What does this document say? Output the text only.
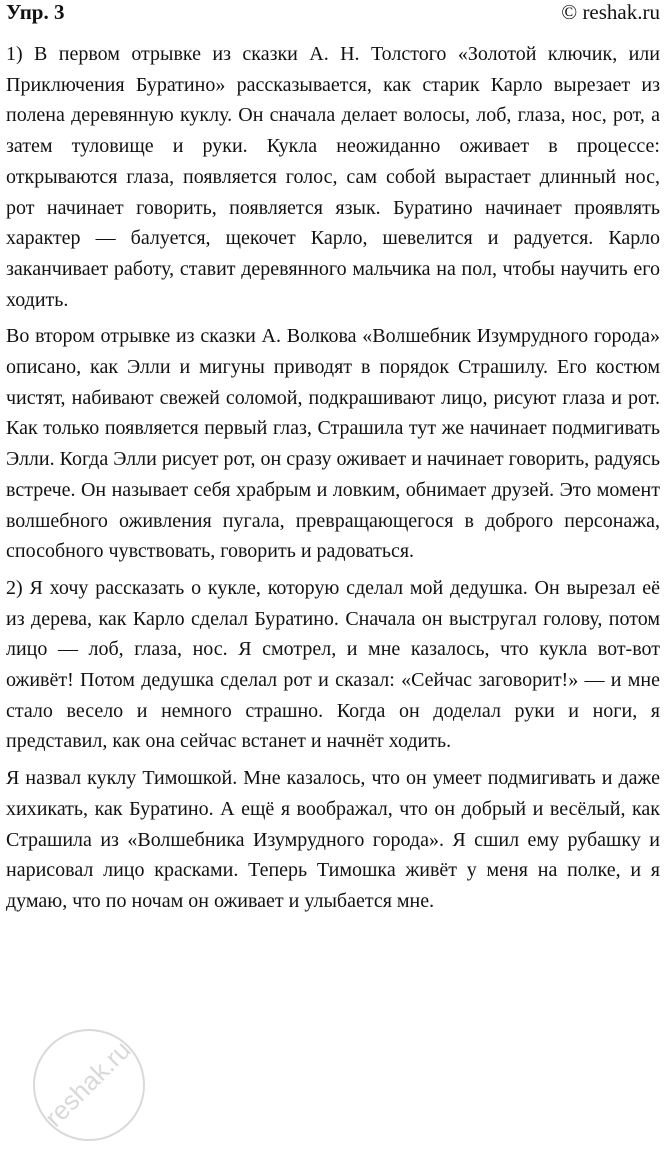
Упр. 3	© reshak.ru

1) В первом отрывке из сказки А. Н. Толстого «Золотой ключик, или Приключения Буратино» рассказывается, как старик Карло вырезает из полена деревянную куклу. Он сначала делает волосы, лоб, глаза, нос, рот, а затем туловище и руки. Кукла неожиданно оживает в процессе: открываются глаза, появляется голос, сам собой вырастает длинный нос, рот начинает говорить, появляется язык. Буратино начинает проявлять характер — балуется, щекочет Карло, шевелится и радуется. Карло заканчивает работу, ставит деревянного мальчика на пол, чтобы научить его ходить.

Во втором отрывке из сказки А. Волкова «Волшебник Изумрудного города» описано, как Элли и мигуны приводят в порядок Страшилу. Его костюм чистят, набивают свежей соломой, подкрашивают лицо, рисуют глаза и рот. Как только появляется первый глаз, Страшила тут же начинает подмигивать Элли. Когда Элли рисует рот, он сразу оживает и начинает говорить, радуясь встрече. Он называет себя храбрым и ловким, обнимает друзей. Это момент волшебного оживления пугала, превращающегося в доброго персонажа, способного чувствовать, говорить и радоваться.

2) Я хочу рассказать о кукле, которую сделал мой дедушка. Он вырезал её из дерева, как Карло сделал Буратино. Сначала он выстругал голову, потом лицо — лоб, глаза, нос. Я смотрел, и мне казалось, что кукла вот-вот оживёт! Потом дедушка сделал рот и сказал: «Сейчас заговорит!» — и мне стало весело и немного страшно. Когда он доделал руки и ноги, я представил, как она сейчас встанет и начнёт ходить.

Я назвал куклу Тимошкой. Мне казалось, что он умеет подмигивать и даже хихикать, как Буратино. А ещё я воображал, что он добрый и весёлый, как Страшила из «Волшебника Изумрудного города». Я сшил ему рубашку и нарисовал лицо красками. Теперь Тимошка живёт у меня на полке, и я думаю, что по ночам он оживает и улыбается мне.

reshak.ru
